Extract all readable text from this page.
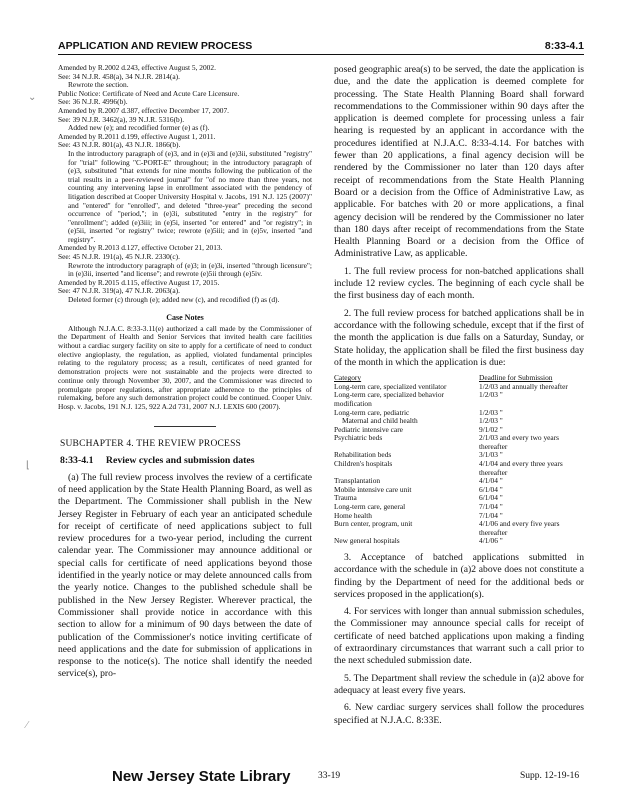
APPLICATION AND REVIEW PROCESS	8:33-4.1
⌄
⌊
⁄

Amended by R.2002 d.243, effective August 5, 2002.

See: 34 N.J.R. 458(a), 34 N.J.R. 2814(a).

Rewrote the section.

Public Notice: Certificate of Need and Acute Care Licensure.

See: 36 N.J.R. 4996(b).

Amended by R.2007 d.387, effective December 17, 2007.

See: 39 N.J.R. 3462(a), 39 N.J.R. 5316(b).

Added new (e); and recodified former (e) as (f).

Amended by R.2011 d.199, effective August 1, 2011.

See: 43 N.J.R. 801(a), 43 N.J.R. 1866(b).

In the introductory paragraph of (e)3, and in (e)3i and (e)3ii, substituted "registry" for "trial" following "C-PORT-E" throughout; in the introductory paragraph of (e)3, substituted "that extends for nine months following the publication of the trial results in a peer-reviewed journal" for "of no more than three years, not counting any intervening lapse in enrollment associated with the pendency of litigation described at Cooper University Hospital v. Jacobs, 191 N.J. 125 (2007)" and "entered" for "enrolled", and deleted "three-year" preceding the second occurrence of "period,"; in (e)3i, substituted "entry in the registry" for "enrollment"; added (e)3iii; in (e)5i, inserted "or entered" and "or registry"; in (e)5ii, inserted "or registry" twice; rewrote (e)5iii; and in (e)5v, inserted "and registry".

Amended by R.2013 d.127, effective October 21, 2013.

See: 45 N.J.R. 191(a), 45 N.J.R. 2330(c).

Rewrote the introductory paragraph of (e)3; in (e)3i, inserted "through licensure"; in (e)3ii, inserted "and license"; and rewrote (e)5ii through (e)5iv.

Amended by R.2015 d.115, effective August 17, 2015.

See: 47 N.J.R. 319(a), 47 N.J.R. 2063(a).

Deleted former (c) through (e); added new (c), and recodified (f) as (d).

Case Notes

Although N.J.A.C. 8:33-3.11(e) authorized a call made by the Commissioner of the Department of Health and Senior Services that invited health care facilities without a cardiac surgery facility on site to apply for a certificate of need to conduct elective angioplasty, the regulation, as applied, violated fundamental principles relating to the regulatory process; as a result, certificates of need granted for demonstration projects were not sustainable and the projects were directed to continue only through November 30, 2007, and the Commissioner was directed to promulgate proper regulations, after appropriate adherence to the principles of rulemaking, before any such demonstration project could be continued. Cooper Univ. Hosp. v. Jacobs, 191 N.J. 125, 922 A.2d 731, 2007 N.J. LEXIS 600 (2007).

SUBCHAPTER 4. THE REVIEW PROCESS
8:33-4.1 Review cycles and submission dates

(a) The full review process involves the review of a certificate of need application by the State Health Planning Board, as well as the Department. The Commissioner shall publish in the New Jersey Register in February of each year an anticipated schedule for receipt of certificate of need applications subject to full review procedures for a two-year period, including the current calendar year. The Commissioner may announce additional or special calls for certificate of need applications beyond those identified in the yearly notice or may delete announced calls from the yearly notice. Changes to the published schedule shall be published in the New Jersey Register. Wherever practical, the Commissioner shall provide notice in accordance with this section to allow for a minimum of 90 days between the date of publication of the Commissioner's notice inviting certificate of need applications and the date for submission of applications in response to the notice(s). The notice shall identify the needed service(s), pro-

posed geographic area(s) to be served, the date the application is due, and the date the application is deemed complete for processing. The State Health Planning Board shall forward recommendations to the Commissioner within 90 days after the application is deemed complete for processing unless a fair hearing is requested by an applicant in accordance with the procedures identified at N.J.A.C. 8:33-4.14. For batches with fewer than 20 applications, a final agency decision will be rendered by the Commissioner no later than 120 days after receipt of recommendations from the State Health Planning Board or a decision from the Office of Administrative Law, as applicable. For batches with 20 or more applications, a final agency decision will be rendered by the Commissioner no later than 180 days after receipt of recommendations from the State Health Planning Board or a decision from the Office of Administrative Law, as applicable.

1. The full review process for non-batched applications shall include 12 review cycles. The beginning of each cycle shall be the first business day of each month.

2. The full review process for batched applications shall be in accordance with the following schedule, except that if the first of the month the application is due falls on a Saturday, Sunday, or State holiday, the application shall be filed the first business day of the month in which the application is due:

Category	Deadline for Submission
Long-term care, specialized ventilator	1/2/03 and annually thereafter
Long-term care, specialized behavior modification	1/2/03 "
Long-term care, pediatric	1/2/03 "
Maternal and child health	1/2/03 "
Pediatric intensive care	9/1/02 "
Psychiatric beds	2/1/03 and every two years thereafter
Rehabilitation beds	3/1/03 "
Children's hospitals	4/1/04 and every three years thereafter
Transplantation	4/1/04 "
Mobile intensive care unit	6/1/04 "
Trauma	6/1/04 "
Long-term care, general	7/1/04 "
Home health	7/1/04 "
Burn center, program, unit	4/1/06 and every five years thereafter
New general hospitals	4/1/06 "

3. Acceptance of batched applications submitted in accordance with the schedule in (a)2 above does not constitute a finding by the Department of need for the additional beds or services proposed in the application(s).

4. For services with longer than annual submission schedules, the Commissioner may announce special calls for receipt of certificate of need batched applications upon making a finding of extraordinary circumstances that warrant such a call prior to the next scheduled submission date.

5. The Department shall review the schedule in (a)2 above for adequacy at least every five years.

6. New cardiac surgery services shall follow the procedures specified at N.J.A.C. 8:33E.

New Jersey State Library	33-19	Supp. 12-19-16
